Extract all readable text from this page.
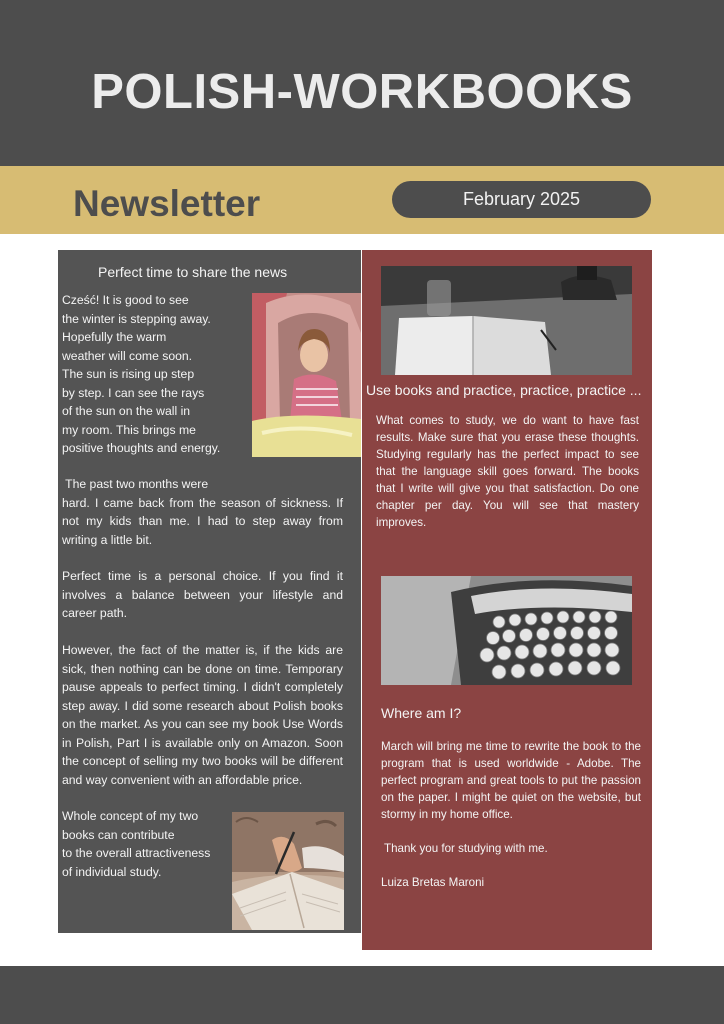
POLISH-WORKBOOKS

Newsletter	February 2025

Perfect time to share the news

Cześć! It is good to see
the winter is stepping away.
Hopefully the warm
weather will come soon.
The sun is rising up step
by step. I can see the rays
of the sun on the wall in
my room. This brings me
positive thoughts and energy.

The past two months were

hard. I came back from the season of sickness. If not my kids than me. I had to step away from writing a little bit.

Perfect time is a personal choice. If you find it involves a balance between your lifestyle and career path.

However, the fact of the matter is, if the kids are sick, then nothing can be done on time. Temporary pause appeals to perfect timing. I didn't completely step away. I did some research about Polish books on the market. As you can see my book Use Words in Polish, Part I is available only on Amazon. Soon the concept of selling my two books will be different and way convenient with an affordable price.

Whole concept of my two
books can contribute
to the overall attractiveness
of individual study.

Use books and practice, practice, practice ...

What comes to study, we do want to have fast results. Make sure that you erase these thoughts. Studying regularly has the perfect impact to see that the language skill goes forward. The books that I write will give you that satisfaction. Do one chapter per day. You will see that mastery improves.

Where am I?

March will bring me time to rewrite the book to the program that is used worldwide - Adobe. The perfect program and great tools to put the passion on the paper. I might be quiet on the website, but stormy in my home office.

Thank you for studying with me.

Luiza Bretas Maroni
